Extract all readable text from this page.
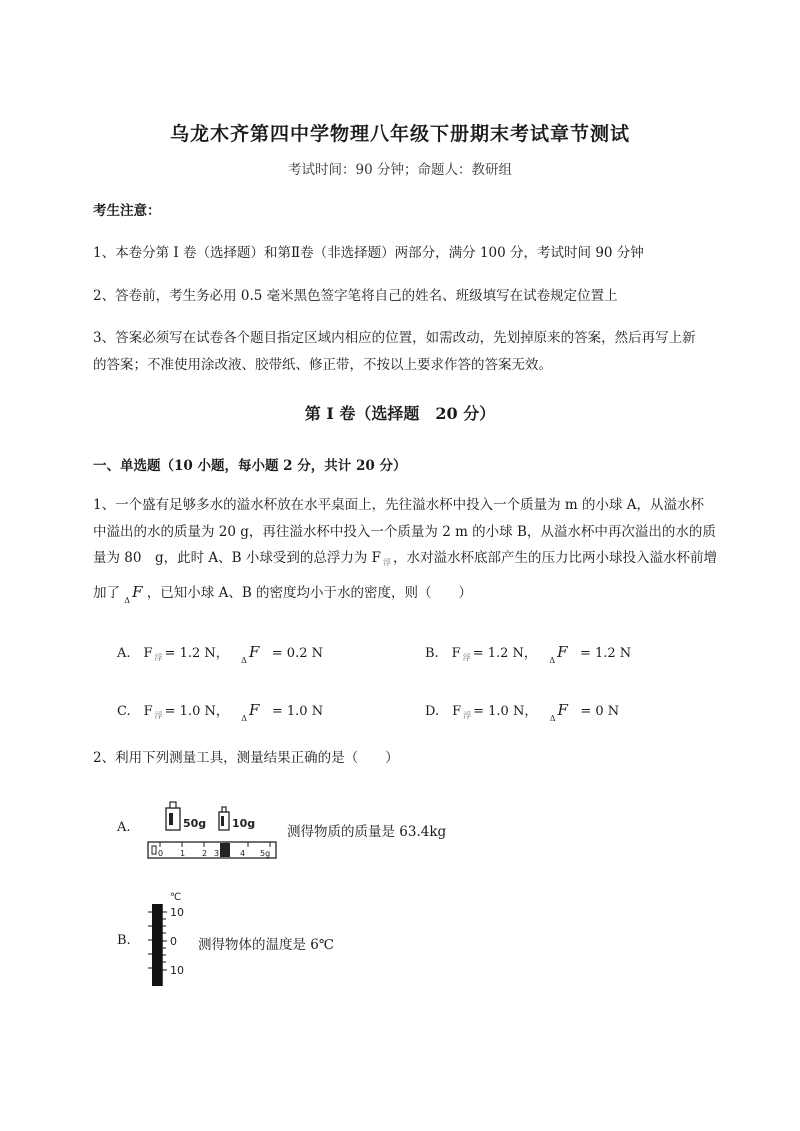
乌龙木齐第四中学物理八年级下册期末考试章节测试
考试时间：90 分钟；命题人：教研组
考生注意：
1、本卷分第 I 卷（选择题）和第Ⅱ卷（非选择题）两部分，满分 100 分，考试时间 90 分钟
2、答卷前，考生务必用 0.5 毫米黑色签字笔将自己的姓名、班级填写在试卷规定位置上
3、答案必须写在试卷各个题目指定区域内相应的位置，如需改动，先划掉原来的答案，然后再写上新
的答案；不准使用涂改液、胶带纸、修正带，不按以上要求作答的答案无效。
第 I 卷（选择题　20 分）
一、单选题（10 小题，每小题 2 分，共计 20 分）
1、一个盛有足够多水的溢水杯放在水平桌面上，先往溢水杯中投入一个质量为 m 的小球 A，从溢水杯
中溢出的水的质量为 20 g，再往溢水杯中投入一个质量为 2 m 的小球 B，从溢水杯中再次溢出的水的质
量为 80　g，此时 A、B 小球受到的总浮力为 F $_浮$ ，水对溢水杯底部产生的压力比两小球投入溢水杯前增
加了 $_\Delta$ F ，已知小球 A、B 的密度均小于水的密度，则（　　）
A.　F $_浮$ = 1.2 N， $_\Delta$ F = 0.2 N	B.　F $_浮$ = 1.2 N， $_\Delta$ F = 1.2 N
C.　F $_浮$ = 1.0 N， $_\Delta$ F = 1.0 N	D.　F $_浮$ = 1.0 N， $_\Delta$ F = 0 N
2、利用下列测量工具，测量结果正确的是（　　）
A.	50g 10g
0 1 2 3	4 5g
测得物质的质量是 63.4kg
B.
℃
10
0
10
测得物体的温度是 6℃
